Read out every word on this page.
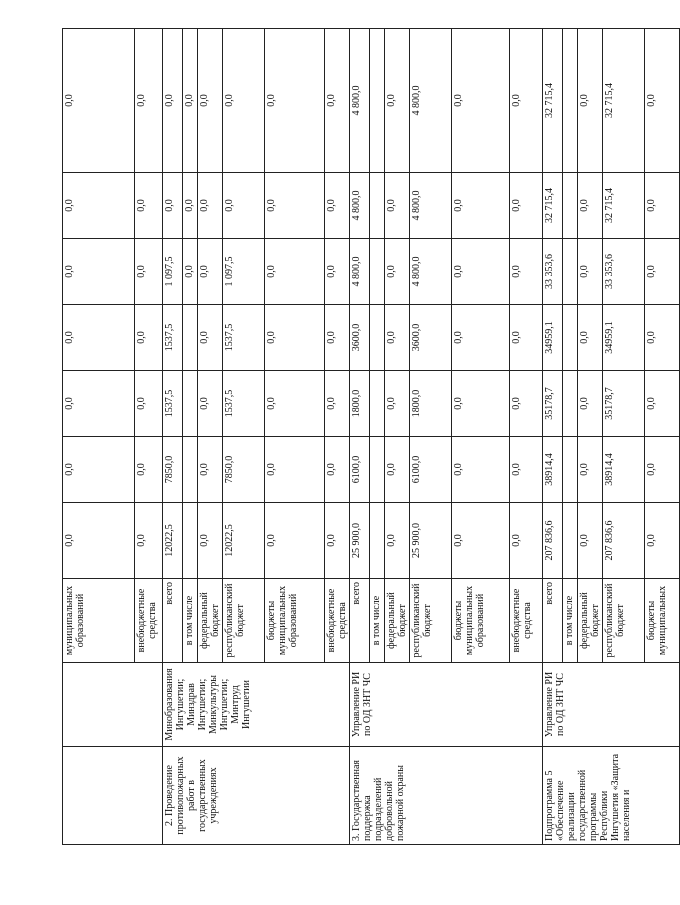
		муниципальных образований	0,0	0,0	0,0	0,0	0,0	0,0	0,0
		внебюджетные средства	0,0	0,0	0,0	0,0	0,0	0,0	0,0
2. Проведение противопожарных работ в государственных учреждениях	Минобразования Ингушетии; Минздрав Ингушетии; Минкультуры Ингушетии; Минтруд Ингушетии	всего	12022,5	7850,0	1537,5	1537,5	1 097,5	0,0	0,0
		в том числе					0,0	0,0	0,0
		федеральный бюджет	0,0	0,0	0,0	0,0	0,0	0,0	0,0
		республиканский бюджет	12022,5	7850,0	1537,5	1537,5	1 097,5	0,0	0,0
		бюджеты муниципальных образований	0,0	0,0	0,0	0,0	0,0	0,0	0,0
		внебюджетные средства	0,0	0,0	0,0	0,0	0,0	0,0	0,0
3. Государственная поддержка подразделений добровольной пожарной охраны	Управление РИ по ОД ЗНТ ЧС	всего	25 900,0	6100,0	1800,0	3600,0	4 800,0	4 800,0	4 800,0
		в том числе							
		федеральный бюджет	0,0	0,0	0,0	0,0	0,0	0,0	0,0
		республиканский бюджет	25 900,0	6100,0	1800,0	3600,0	4 800,0	4 800,0	4 800,0
		бюджеты муниципальных образований	0,0	0,0	0,0	0,0	0,0	0,0	0,0
		внебюджетные средства	0,0	0,0	0,0	0,0	0,0	0,0	0,0
Подпрограмма 5 «Обеспечение реализации государственной программы Республики Ингушетия «Защита населения и	Управление РИ по ОД ЗНТ ЧС	всего	207 836,6	38914,4	35178,7	34959,1	33 353,6	32 715,4	32 715,4
		в том числе							
		федеральный бюджет	0,0	0,0	0,0	0,0	0,0	0,0	0,0
		республиканский бюджет	207 836,6	38914,4	35178,7	34959,1	33 353,6	32 715,4	32 715,4
		бюджеты муниципальных	0,0	0,0	0,0	0,0	0,0	0,0	0,0
